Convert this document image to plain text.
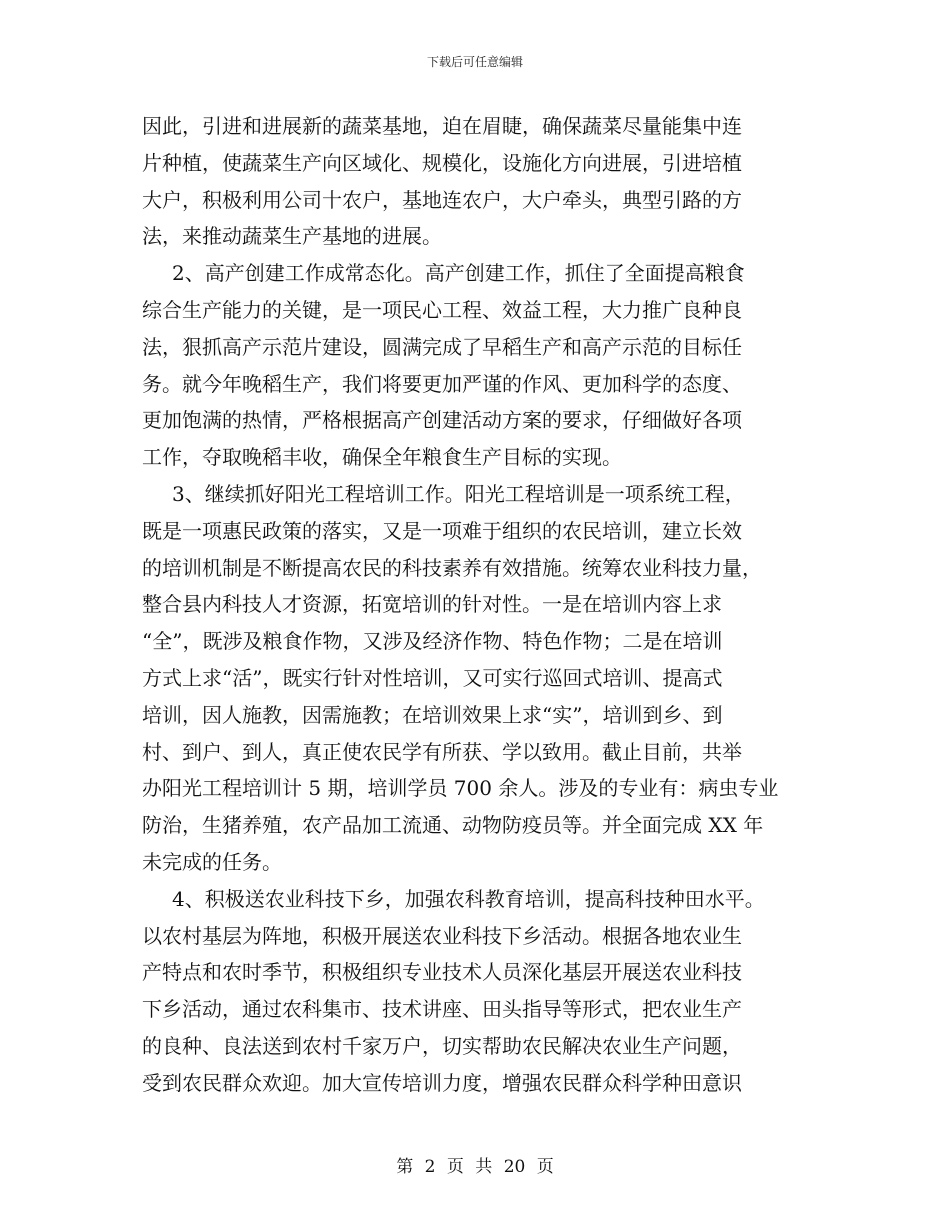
下载后可任意编辑
因此，引进和进展新的蔬菜基地，迫在眉睫，确保蔬菜尽量能集中连
片种植，使蔬菜生产向区域化、规模化，设施化方向进展，引进培植
大户，积极利用公司十农户，基地连农户，大户牵头，典型引路的方
法，来推动蔬菜生产基地的进展。
2、高产创建工作成常态化。高产创建工作，抓住了全面提高粮食
综合生产能力的关键，是一项民心工程、效益工程，大力推广良种良
法，狠抓高产示范片建设，圆满完成了早稻生产和高产示范的目标任
务。就今年晚稻生产，我们将要更加严谨的作风、更加科学的态度、
更加饱满的热情，严格根据高产创建活动方案的要求，仔细做好各项
工作，夺取晚稻丰收，确保全年粮食生产目标的实现。
3、继续抓好阳光工程培训工作。阳光工程培训是一项系统工程，
既是一项惠民政策的落实，又是一项难于组织的农民培训，建立长效
的培训机制是不断提高农民的科技素养有效措施。统筹农业科技力量，
整合县内科技人才资源，拓宽培训的针对性。一是在培训内容上求
“全”，既涉及粮食作物，又涉及经济作物、特色作物；二是在培训
方式上求“活”，既实行针对性培训，又可实行巡回式培训、提高式
培训，因人施教，因需施教；在培训效果上求“实”，培训到乡、到
村、到户、到人，真正使农民学有所获、学以致用。截止目前，共举
办阳光工程培训计 5 期，培训学员 700 余人。涉及的专业有：病虫专业
防治，生猪养殖，农产品加工流通、动物防疫员等。并全面完成 XX 年
未完成的任务。
4、积极送农业科技下乡，加强农科教育培训，提高科技种田水平。
以农村基层为阵地，积极开展送农业科技下乡活动。根据各地农业生
产特点和农时季节，积极组织专业技术人员深化基层开展送农业科技
下乡活动，通过农科集市、技术讲座、田头指导等形式，把农业生产
的良种、良法送到农村千家万户，切实帮助农民解决农业生产问题，
受到农民群众欢迎。加大宣传培训力度，增强农民群众科学种田意识
第 2 页 共 20 页
